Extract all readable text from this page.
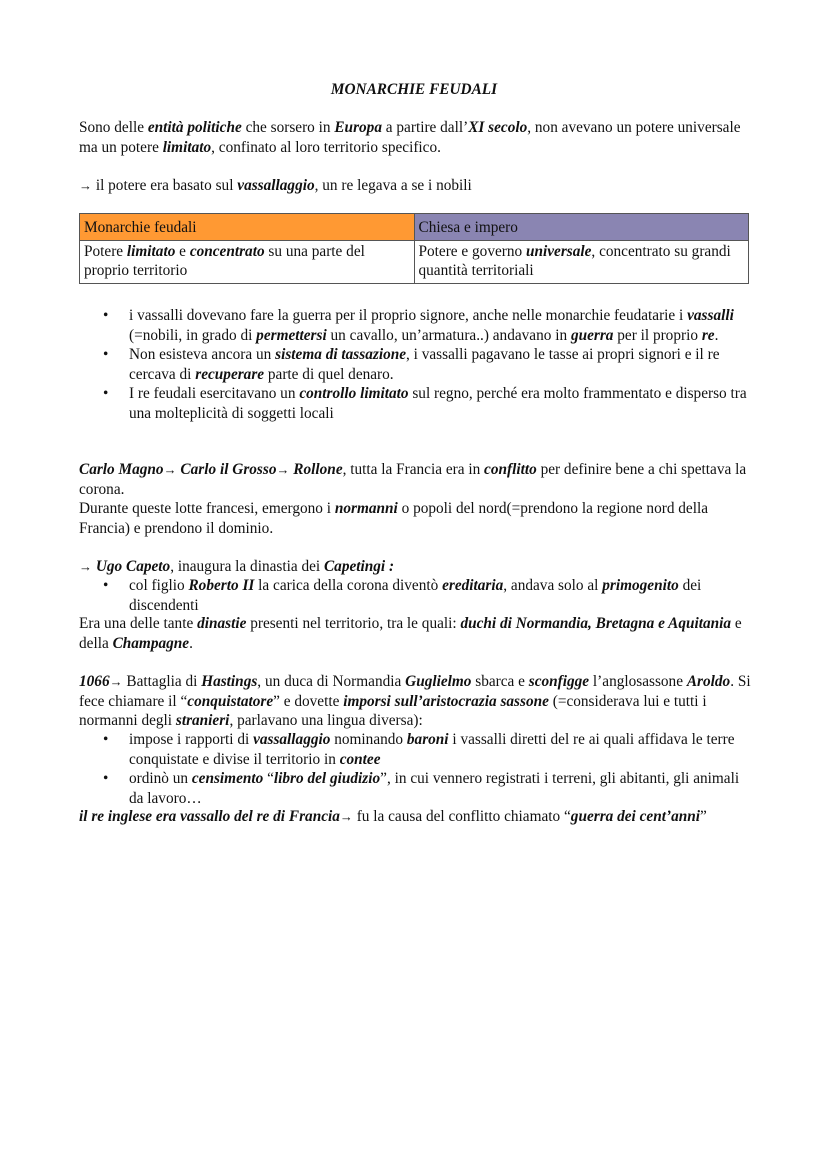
MONARCHIE FEUDALI
Sono delle entità politiche che sorsero in Europa a partire dall’XI secolo, non avevano un potere universale ma un potere limitato, confinato al loro territorio specifico.
→ il potere era basato sul vassallaggio, un re legava a se i nobili
Monarchie feudali	Chiesa e impero
Potere limitato e concentrato su una parte del proprio territorio	Potere e governo universale, concentrato su grandi quantità territoriali
• i vassalli dovevano fare la guerra per il proprio signore, anche nelle monarchie feudatarie i vassalli (=nobili, in grado di permettersi un cavallo, un’armatura..) andavano in guerra per il proprio re.
• Non esisteva ancora un sistema di tassazione, i vassalli pagavano le tasse ai propri signori e il re cercava di recuperare parte di quel denaro.
• I re feudali esercitavano un controllo limitato sul regno, perché era molto frammentato e disperso tra una molteplicità di soggetti locali
Carlo Magno→ Carlo il Grosso→ Rollone, tutta la Francia era in conflitto per definire bene a chi spettava la corona.
Durante queste lotte francesi, emergono i normanni o popoli del nord(=prendono la regione nord della Francia) e prendono il dominio.
→ Ugo Capeto, inaugura la dinastia dei Capetingi :
• col figlio Roberto II la carica della corona diventò ereditaria, andava solo al primogenito dei discendenti
Era una delle tante dinastie presenti nel territorio, tra le quali: duchi di Normandia, Bretagna e Aquitania e della Champagne.
1066→ Battaglia di Hastings, un duca di Normandia Guglielmo sbarca e sconfigge l’anglosassone Aroldo. Si fece chiamare il “conquistatore” e dovette imporsi sull’aristocrazia sassone (=considerava lui e tutti i normanni degli stranieri, parlavano una lingua diversa):
• impose i rapporti di vassallaggio nominando baroni i vassalli diretti del re ai quali affidava le terre conquistate e divise il territorio in contee
• ordinò un censimento “libro del giudizio”, in cui vennero registrati i terreni, gli abitanti, gli animali da lavoro…
il re inglese era vassallo del re di Francia→ fu la causa del conflitto chiamato “guerra dei cent’anni”
